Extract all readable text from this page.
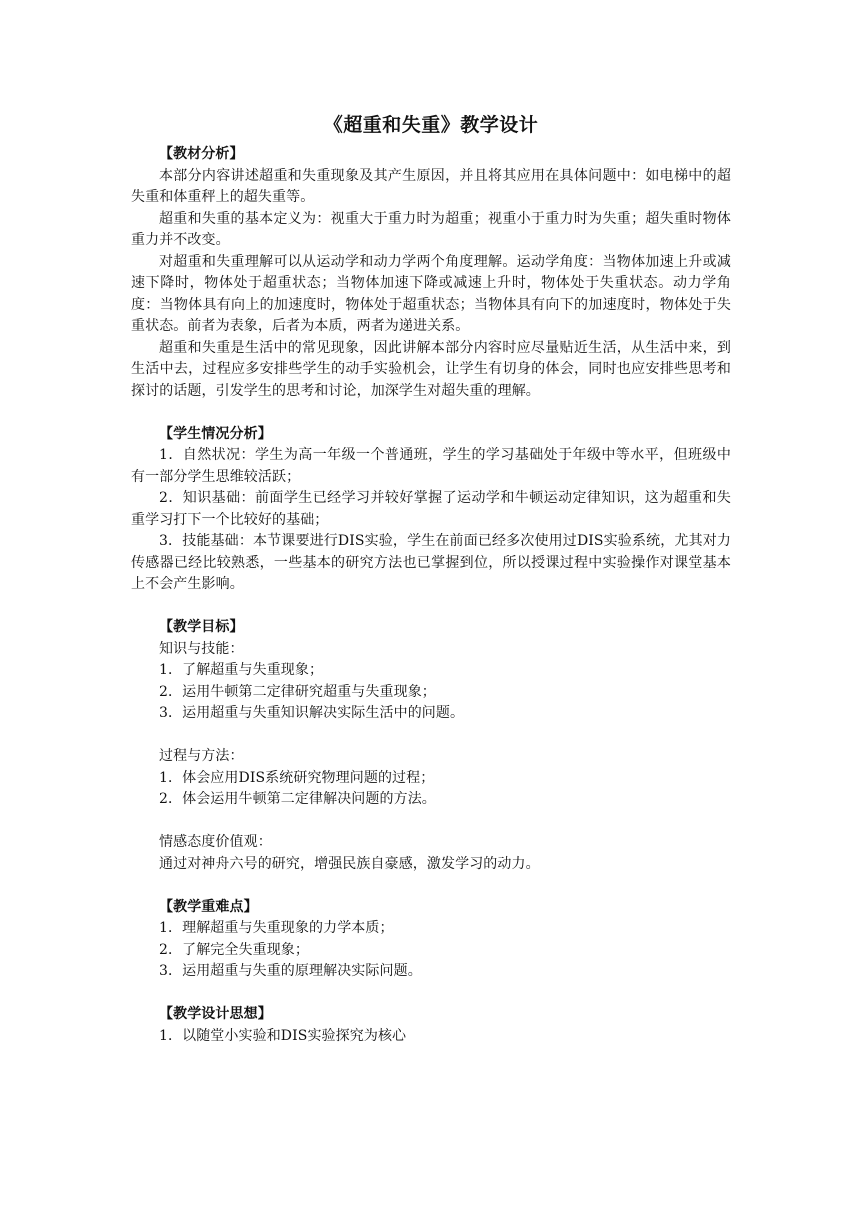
《超重和失重》教学设计
【教材分析】

本部分内容讲述超重和失重现象及其产生原因，并且将其应用在具体问题中：如电梯中的超失重和体重秤上的超失重等。

超重和失重的基本定义为：视重大于重力时为超重；视重小于重力时为失重；超失重时物体重力并不改变。

对超重和失重理解可以从运动学和动力学两个角度理解。运动学角度：当物体加速上升或减速下降时，物体处于超重状态；当物体加速下降或减速上升时，物体处于失重状态。动力学角度：当物体具有向上的加速度时，物体处于超重状态；当物体具有向下的加速度时，物体处于失重状态。前者为表象，后者为本质，两者为递进关系。

超重和失重是生活中的常见现象，因此讲解本部分内容时应尽量贴近生活，从生活中来，到生活中去，过程应多安排些学生的动手实验机会，让学生有切身的体会，同时也应安排些思考和探讨的话题，引发学生的思考和讨论，加深学生对超失重的理解。

【学生情况分析】

1．自然状况：学生为高一年级一个普通班，学生的学习基础处于年级中等水平，但班级中有一部分学生思维较活跃；

2．知识基础：前面学生已经学习并较好掌握了运动学和牛顿运动定律知识，这为超重和失重学习打下一个比较好的基础；

3．技能基础：本节课要进行DIS实验，学生在前面已经多次使用过DIS实验系统，尤其对力传感器已经比较熟悉，一些基本的研究方法也已掌握到位，所以授课过程中实验操作对课堂基本上不会产生影响。

【教学目标】
知识与技能：
1．了解超重与失重现象；
2．运用牛顿第二定律研究超重与失重现象；
3．运用超重与失重知识解决实际生活中的问题。
过程与方法：
1．体会应用DIS系统研究物理问题的过程；
2．体会运用牛顿第二定律解决问题的方法。
情感态度价值观：
通过对神舟六号的研究，增强民族自豪感，激发学习的动力。
【教学重难点】
1．理解超重与失重现象的力学本质；
2．了解完全失重现象；
3．运用超重与失重的原理解决实际问题。
【教学设计思想】
1．以随堂小实验和DIS实验探究为核心
